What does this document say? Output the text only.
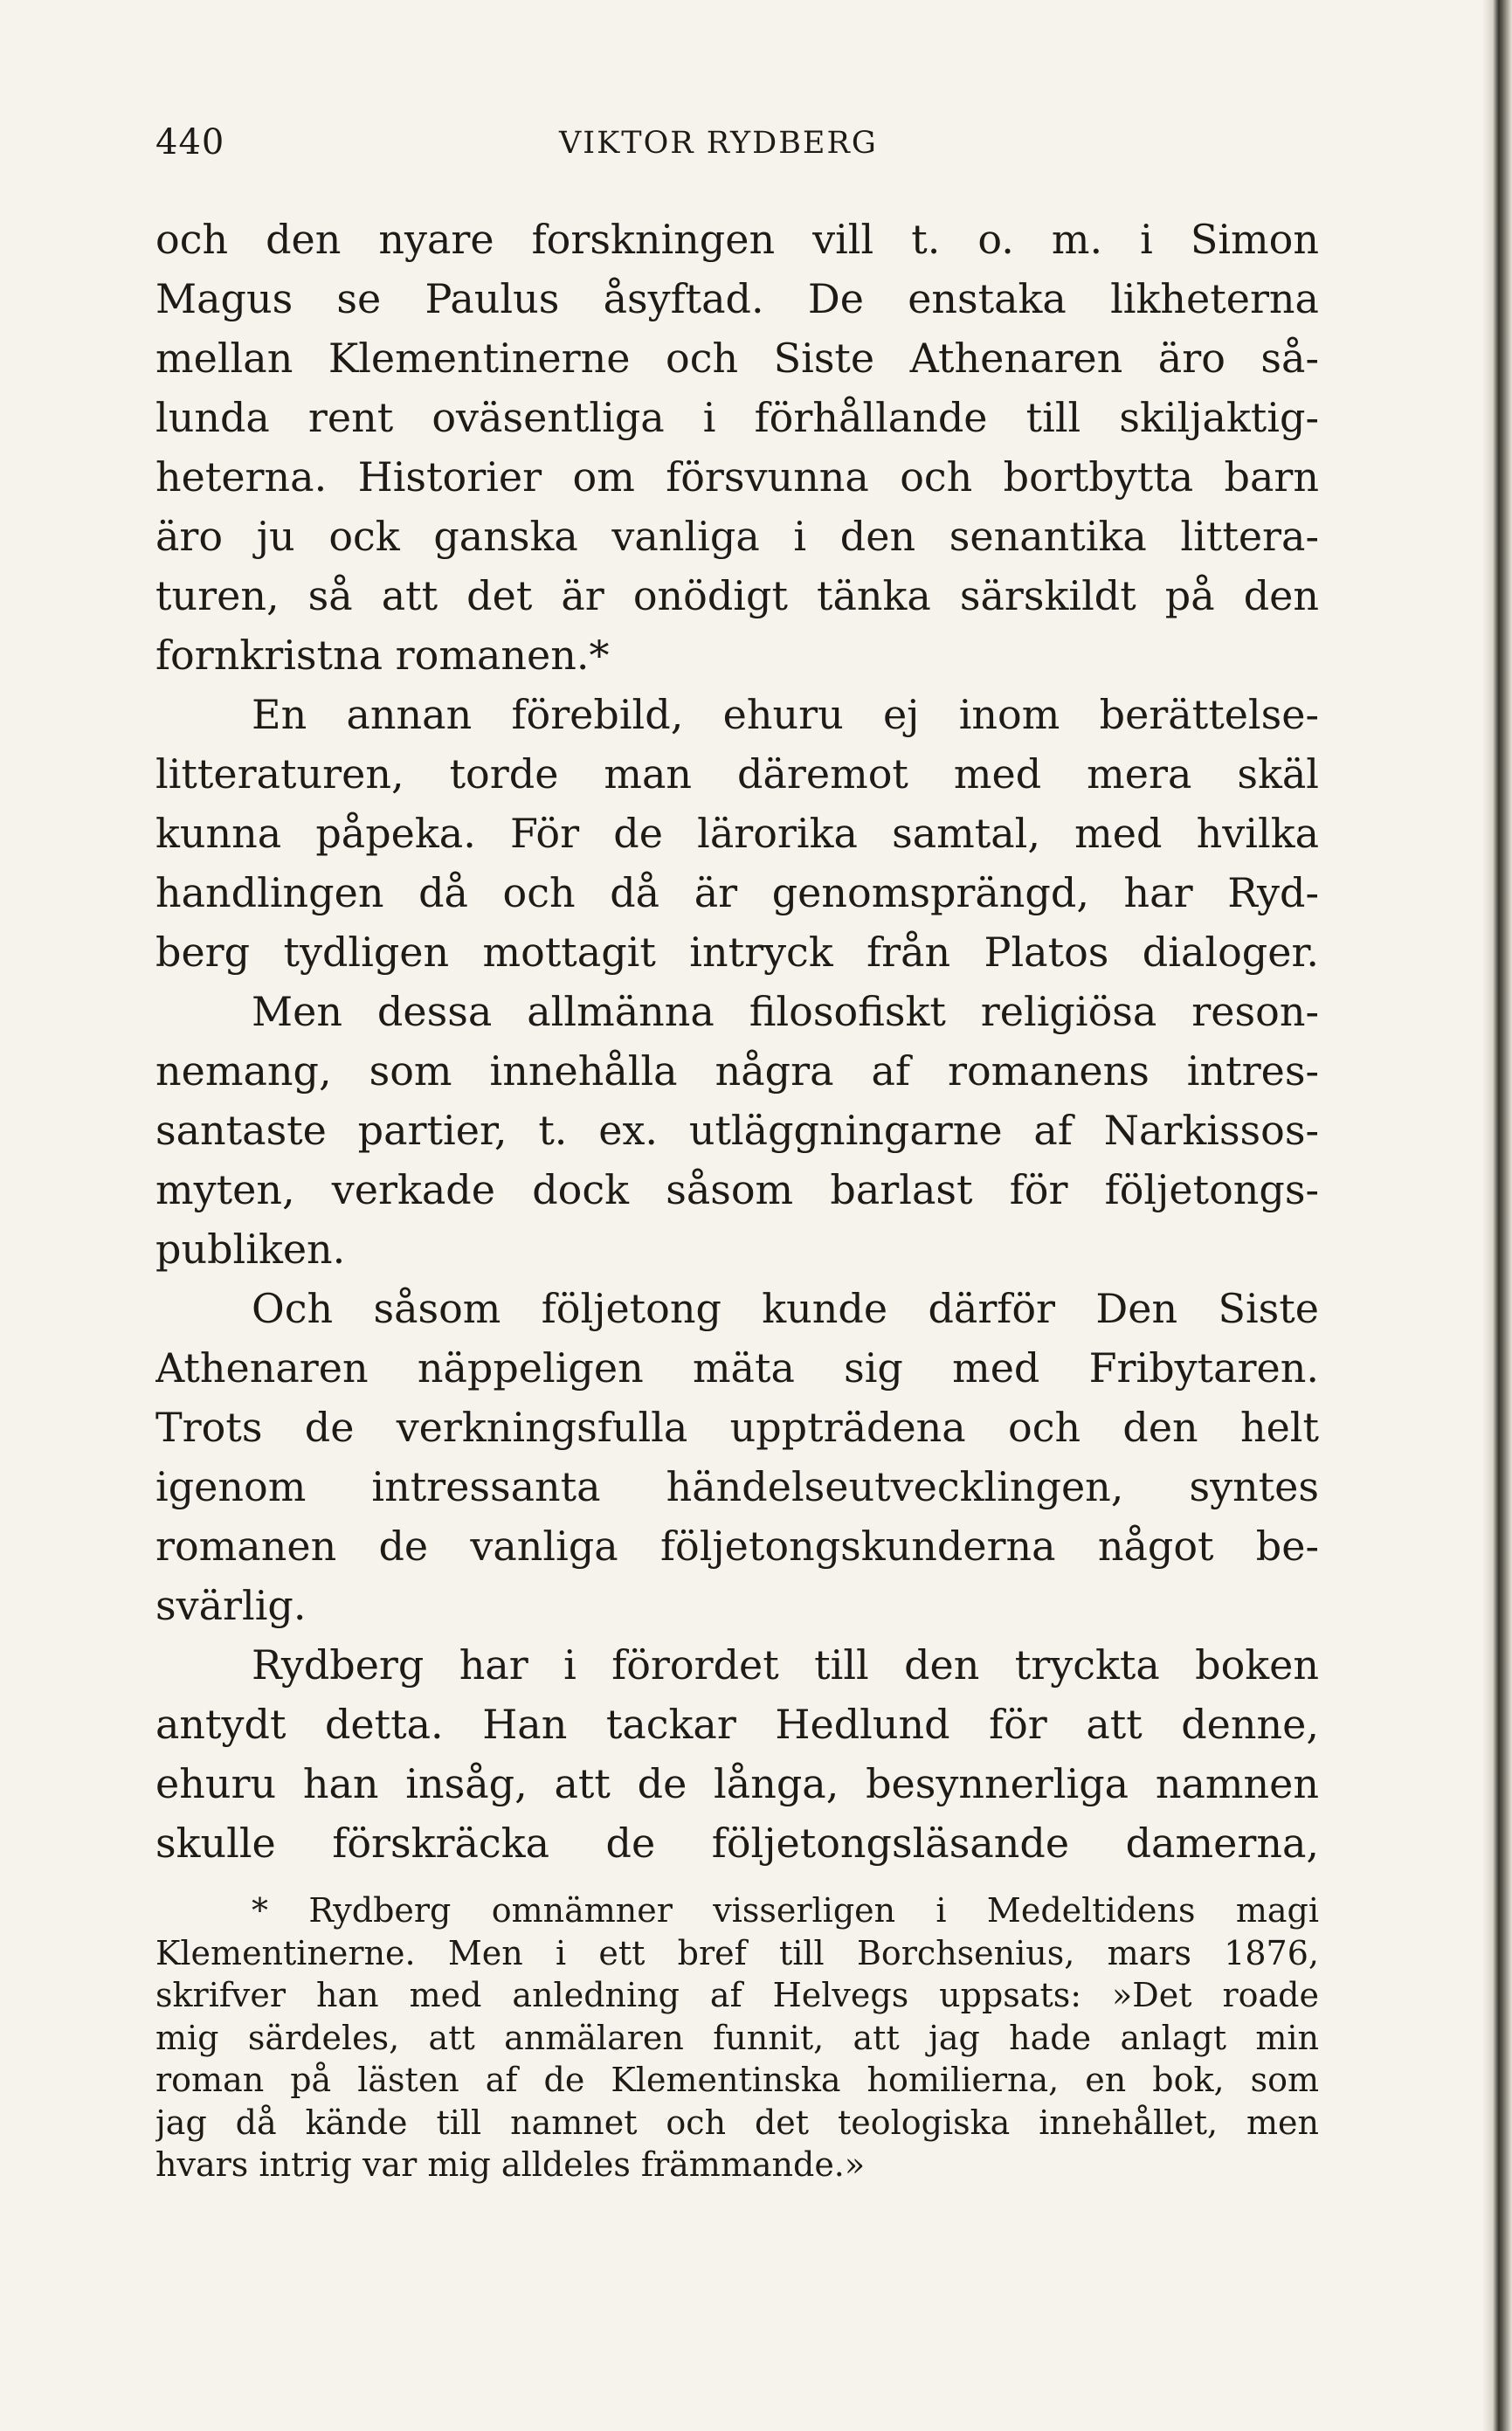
440	VIKTOR RYDBERG
och den nyare forskningen vill t. o. m. i Simon
Magus se Paulus åsyftad. De enstaka likheterna
mellan Klementinerne och Siste Athenaren äro så-
lunda rent oväsentliga i förhållande till skiljaktig-
heterna. Historier om försvunna och bortbytta barn
äro ju ock ganska vanliga i den senantika littera-
turen, så att det är onödigt tänka särskildt på den
fornkristna romanen.*
En annan förebild, ehuru ej inom berättelse-
litteraturen, torde man däremot med mera skäl
kunna påpeka. För de lärorika samtal, med hvilka
handlingen då och då är genomsprängd, har Ryd-
berg tydligen mottagit intryck från Platos dialoger.
Men dessa allmänna filosofiskt religiösa reson-
nemang, som innehålla några af romanens intres-
santaste partier, t. ex. utläggningarne af Narkissos-
myten, verkade dock såsom barlast för följetongs-
publiken.
Och såsom följetong kunde därför Den Siste
Athenaren näppeligen mäta sig med Fribytaren.
Trots de verkningsfulla uppträdena och den helt
igenom intressanta händelseutvecklingen, syntes
romanen de vanliga följetongskunderna något be-
svärlig.
Rydberg har i förordet till den tryckta boken
antydt detta. Han tackar Hedlund för att denne,
ehuru han insåg, att de långa, besynnerliga namnen
skulle förskräcka de följetongsläsande damerna,
* Rydberg omnämner visserligen i Medeltidens magi
Klementinerne. Men i ett bref till Borchsenius, mars 1876,
skrifver han med anledning af Helvegs uppsats: »Det roade
mig särdeles, att anmälaren funnit, att jag hade anlagt min
roman på lästen af de Klementinska homilierna, en bok, som
jag då kände till namnet och det teologiska innehållet, men
hvars intrig var mig alldeles främmande.»
